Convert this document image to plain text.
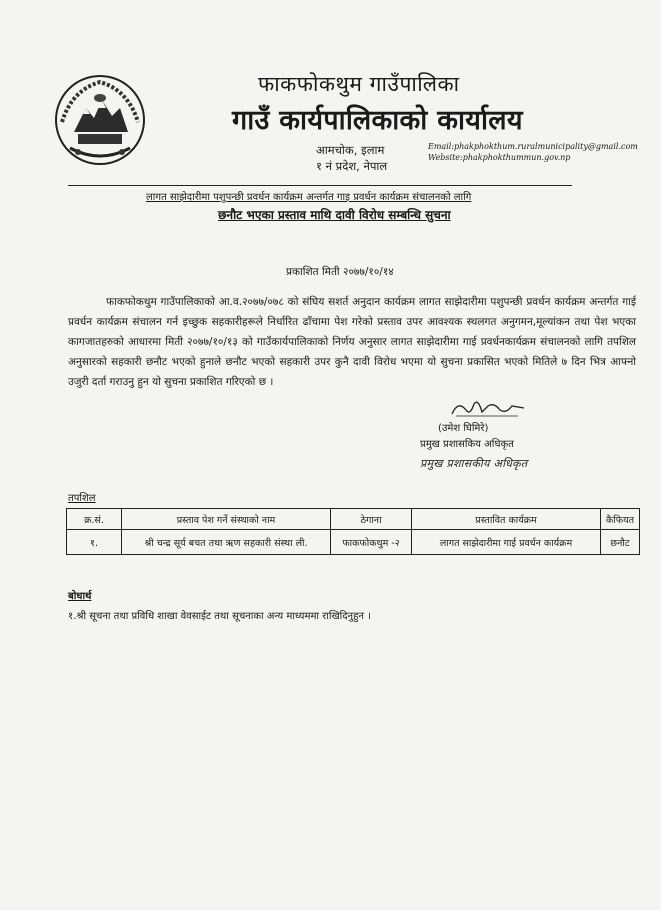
फाकफोकथुम गाउँपालिका
गाउँ कार्यपालिकाको कार्यालय
आमचोक, इलाम
१ नं प्रदेश, नेपाल
Email:phakphokthum.ruralmunicipality@gmail.com
Website:phakphokthummun.gov.np
लागत साझेदारीमा पशुपन्छी प्रवर्धन कार्यक्रम अन्तर्गत गाइ प्रवर्धन कार्यक्रम संचालनको लागि
छनौट भएका प्रस्ताव माथि दावी विरोध सम्बन्धि सुचना
प्रकाशित मिती २०७७/१०/१४
फाकफोकथुम गाउँपालिकाको आ.व.२०७७/०७८ को संघिय सशर्त अनुदान कार्यक्रम लागत साझेदारीमा पशुपन्छी प्रवर्धन कार्यक्रम अन्तर्गत गाई प्रवर्धन कार्यक्रम संचालन गर्न इच्छुक सहकारीहरूले निर्धारित ढाँचामा पेश गरेको प्रस्ताव उपर आवश्यक स्थलगत अनुगमन,मूल्यांकन तथा पेश भएका कागजातहरुको आधारमा मिती २०७७/१०/१३ को गाउँकार्यपालिकाको निर्णय अनुसार लागत साझेदारीमा गाई प्रवर्धनकार्यक्रम संचालनको लागि तपशिल अनुसारको सहकारी छनौट भएको हुनाले छनौट भएको सहकारी उपर कुनै दावी विरोध भएमा यो सुचना प्रकासित भएको मितिले ७ दिन भित्र आफ्नो उजुरी दर्ता गराउनु हुन यो सुचना प्रकाशित गरिएको छ ।
(उमेश घिमिरे)
प्रमुख प्रशासकिय अधिकृत
प्रमुख प्रशासकीय अधिकृत
तपशिल
क्र.सं.	प्रस्ताव पेश गर्ने संस्थाको नाम	ठेगाना	प्रस्तावित कार्यक्रम	कैफियत
१.	श्री चन्द्र सूर्य बचत तथा ऋण सहकारी संस्था ली.	फाकफोकथुम -२	लागत साझेदारीमा गाई प्रवर्धन कार्यक्रम	छनौट
बोधार्थ
१.श्री सूचना तथा प्रविधि शाखा वेवसाईट तथा सूचनाका अन्य माध्यममा राखिदिनुहुन ।
